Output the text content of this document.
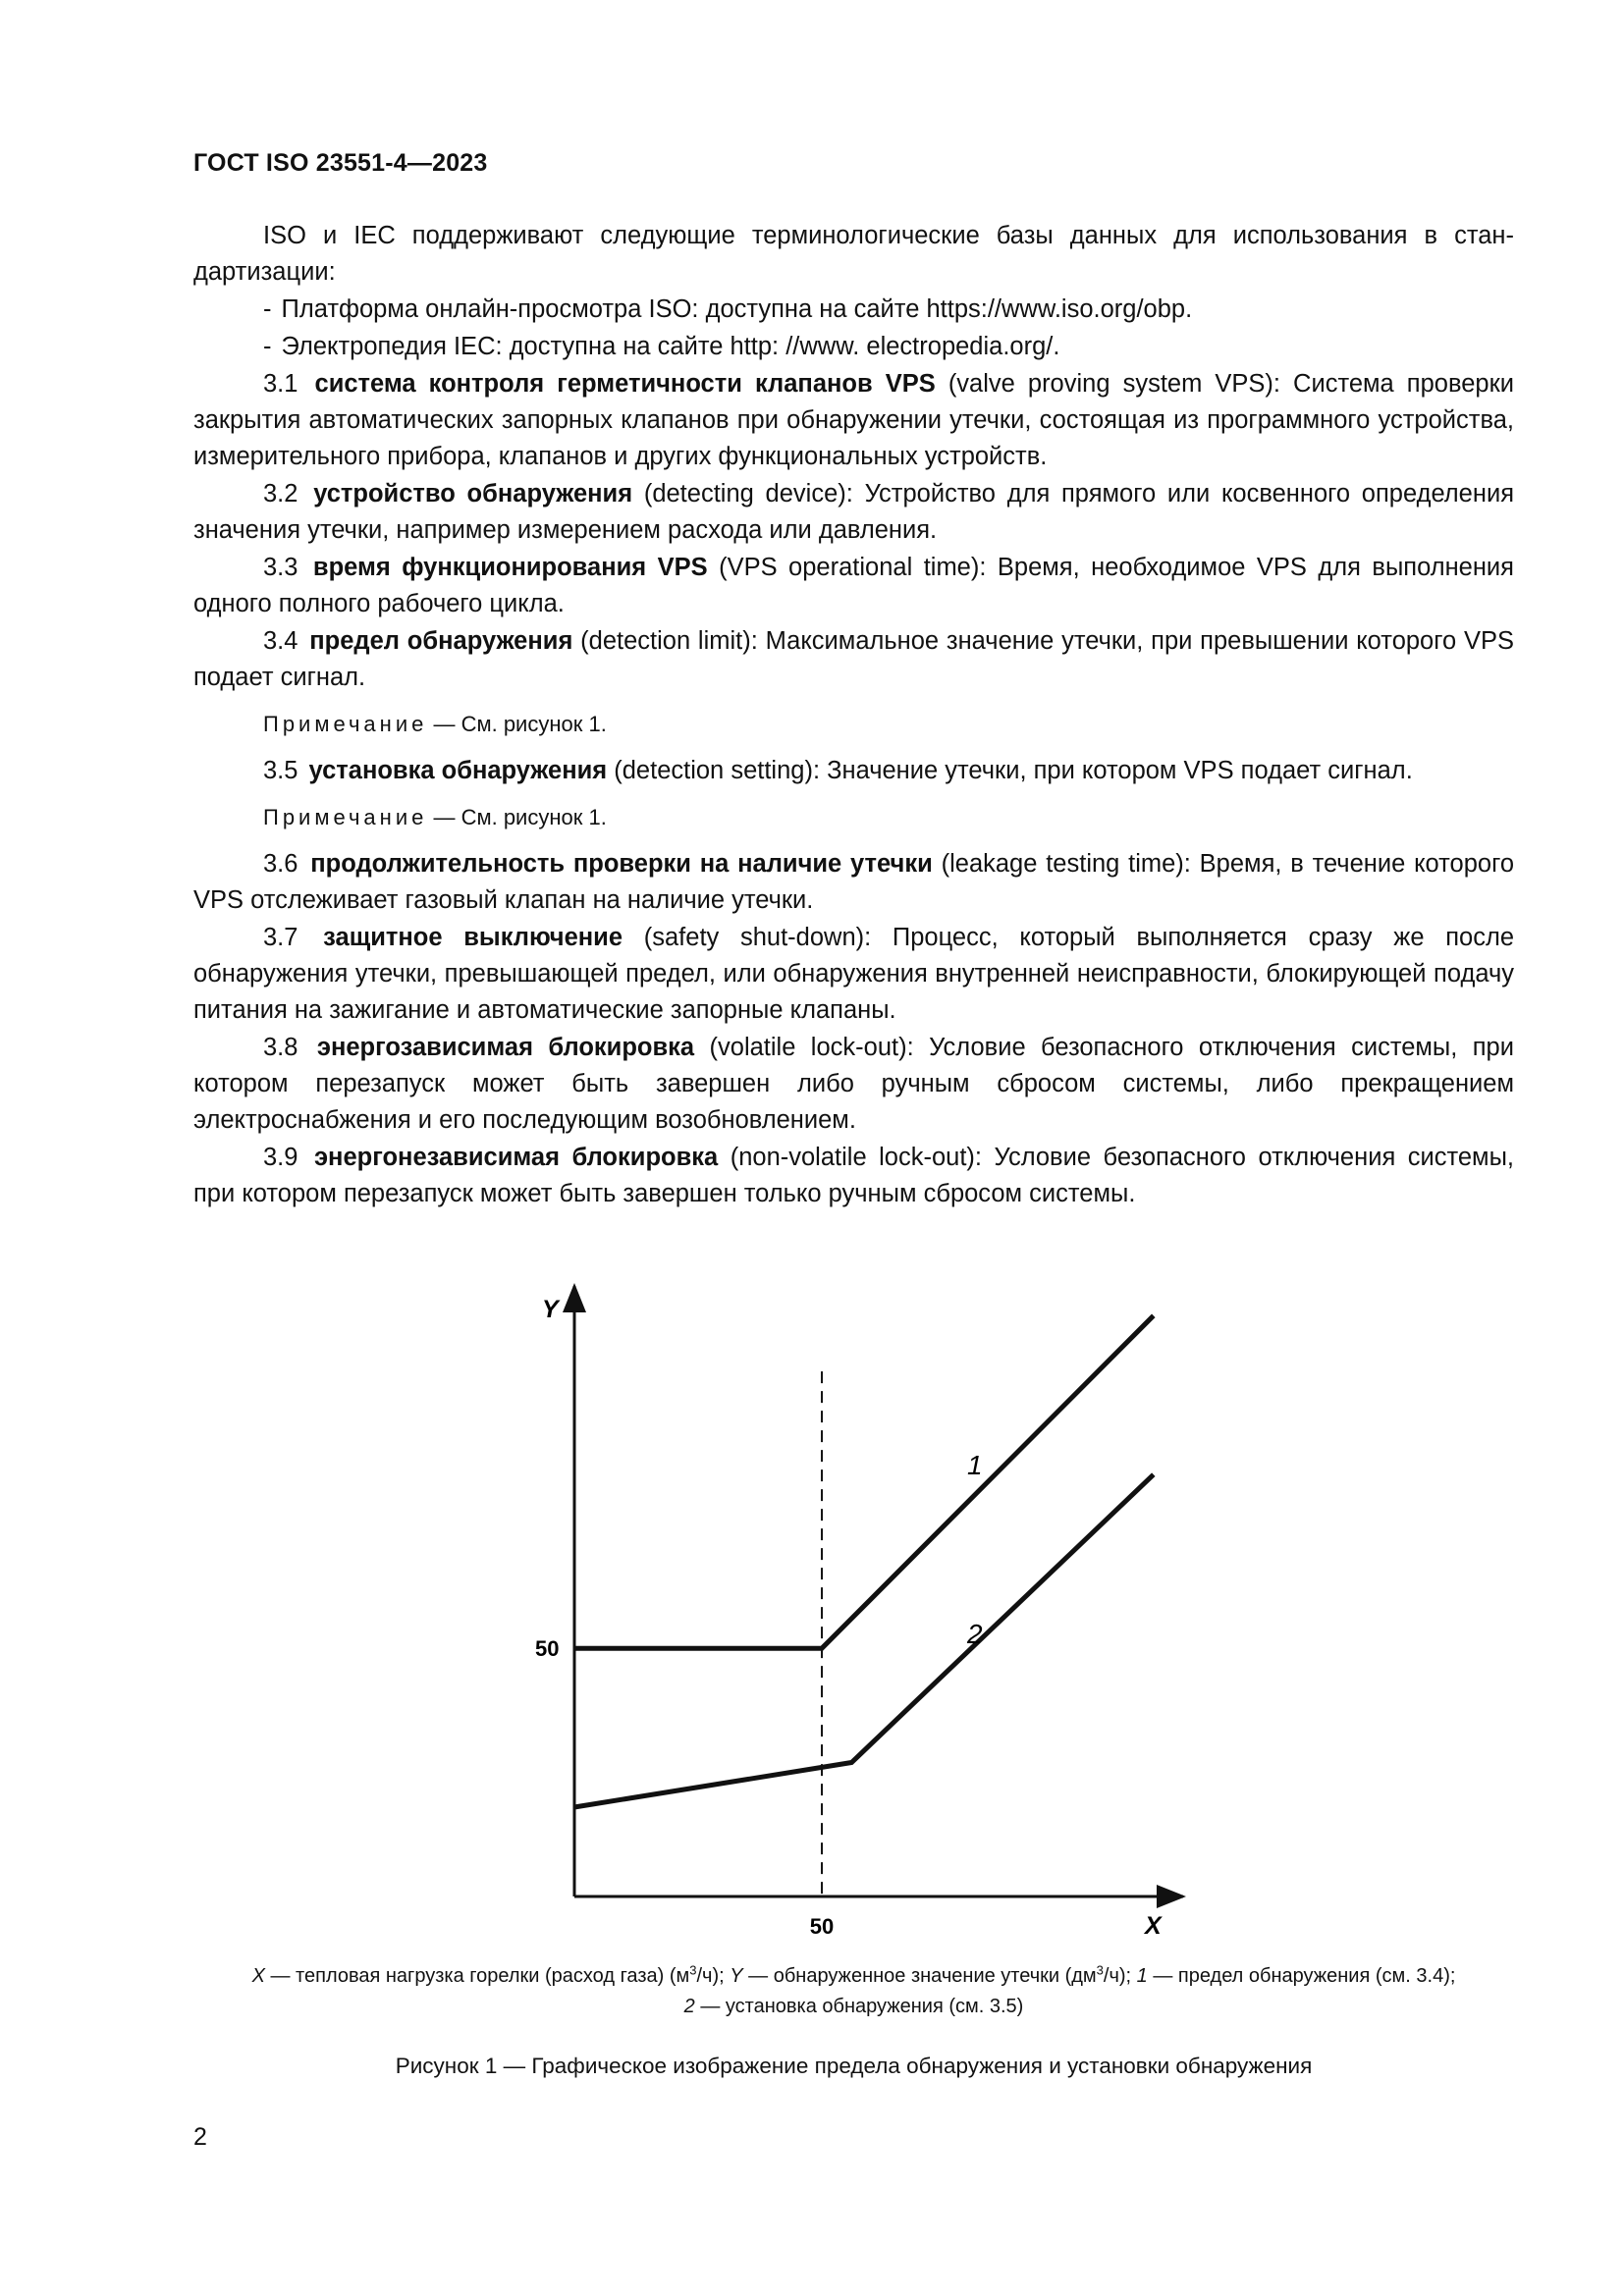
ГОСТ ISO 23551-4—2023

ISO и IEC поддерживают следующие терминологические базы данных для использования в стандартизации:

- Платформа онлайн-просмотра ISO: доступна на сайте https://www.iso.org/obp.
- Электропедия IEC: доступна на сайте http: //www. electropedia.org/.

3.1 система контроля герметичности клапанов VPS (valve proving system VPS): Система проверки закрытия автоматических запорных клапанов при обнаружении утечки, состоящая из программного устройства, измерительного прибора, клапанов и других функциональных устройств.

3.2 устройство обнаружения (detecting device): Устройство для прямого или косвенного определения значения утечки, например измерением расхода или давления.

3.3 время функционирования VPS (VPS operational time): Время, необходимое VPS для выполнения одного полного рабочего цикла.

3.4 предел обнаружения (detection limit): Максимальное значение утечки, при превышении которого VPS подает сигнал.

Примечание — См. рисунок 1.

3.5 установка обнаружения (detection setting): Значение утечки, при котором VPS подает сигнал.

Примечание — См. рисунок 1.

3.6 продолжительность проверки на наличие утечки (leakage testing time): Время, в течение которого VPS отслеживает газовый клапан на наличие утечки.

3.7 защитное выключение (safety shut-down): Процесс, который выполняется сразу же после обнаружения утечки, превышающей предел, или обнаружения внутренней неисправности, блокирующей подачу питания на зажигание и автоматические запорные клапаны.

3.8 энергозависимая блокировка (volatile lock-out): Условие безопасного отключения системы, при котором перезапуск может быть завершен либо ручным сбросом системы, либо прекращением электроснабжения и его последующим возобновлением.

3.9 энергонезависимая блокировка (non-volatile lock-out): Условие безопасного отключения системы, при котором перезапуск может быть завершен только ручным сбросом системы.

Y
X
50
50
1
2
X — тепловая нагрузка горелки (расход газа) $(м^3/ч)$; Y — обнаруженное значение утечки $(дм^3/ч)$; 1 — предел обнаружения (см. 3.4);
2 — установка обнаружения (см. 3.5)
Рисунок 1 — Графическое изображение предела обнаружения и установки обнаружения
2
